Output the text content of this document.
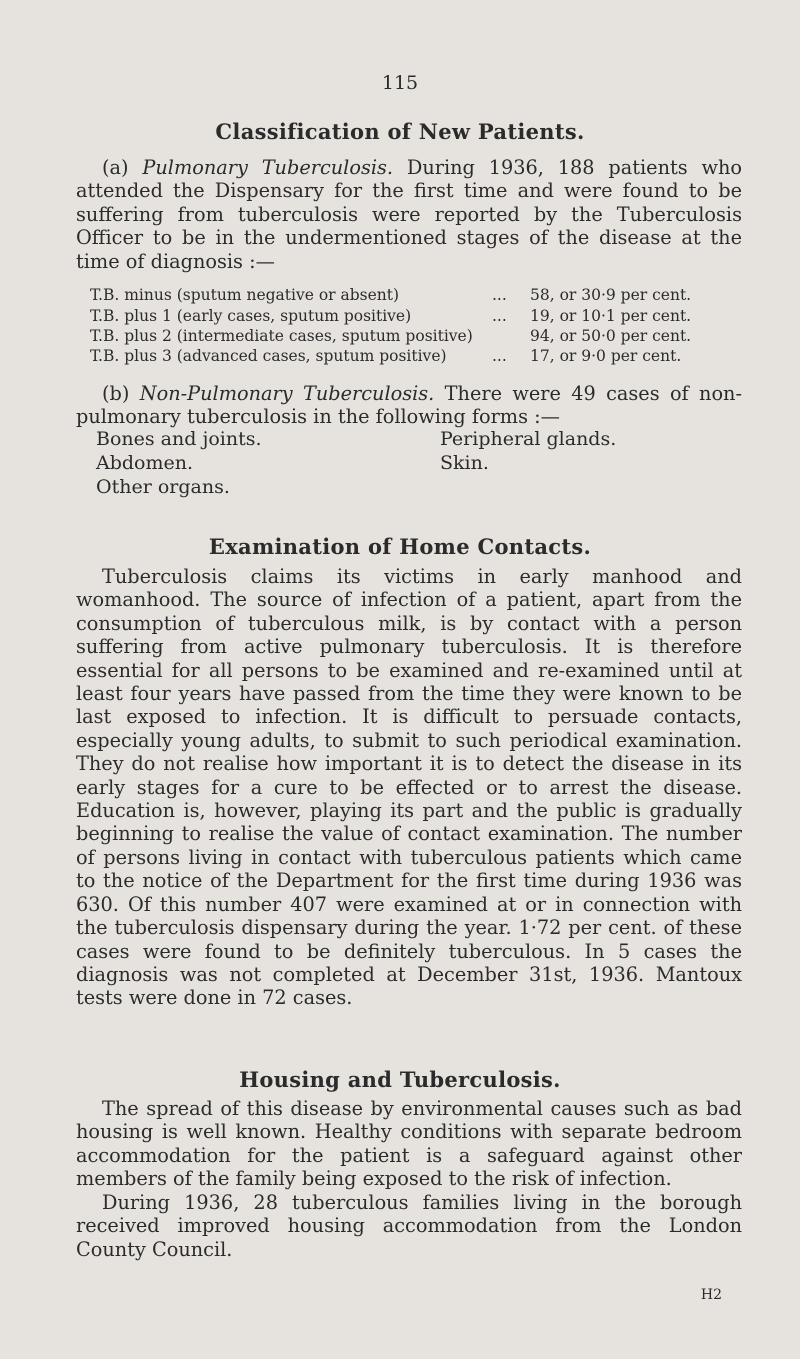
115
Classification of New Patients.

(a) Pulmonary Tuberculosis. During 1936, 188 patients who attended the Dispensary for the first time and were found to be suffering from tuberculosis were reported by the Tuberculosis Officer to be in the undermentioned stages of the disease at the time of diagnosis :—

T.B. minus (sputum negative or absent)	... 58, or 30·9 per cent.
T.B. plus 1 (early cases, sputum positive)	... 19, or 10·1 per cent.
T.B. plus 2 (intermediate cases, sputum positive)	94, or 50·0 per cent.
T.B. plus 3 (advanced cases, sputum positive)	... 17, or 9·0 per cent.

(b) Non-Pulmonary Tuberculosis. There were 49 cases of non-pulmonary tuberculosis in the following forms :—

Bones and joints.	Peripheral glands.
Abdomen.	Skin.
Other organs.
Examination of Home Contacts.

Tuberculosis claims its victims in early manhood and womanhood. The source of infection of a patient, apart from the consumption of tuberculous milk, is by contact with a person suffering from active pulmonary tuberculosis. It is therefore essential for all persons to be examined and re-examined until at least four years have passed from the time they were known to be last exposed to infection. It is difficult to persuade contacts, especially young adults, to submit to such periodical examination. They do not realise how important it is to detect the disease in its early stages for a cure to be effected or to arrest the disease. Education is, however, playing its part and the public is gradually beginning to realise the value of contact examination. The number of persons living in contact with tuberculous patients which came to the notice of the Department for the first time during 1936 was 630. Of this number 407 were examined at or in connection with the tuberculosis dispensary during the year. 1·72 per cent. of these cases were found to be definitely tuberculous. In 5 cases the diagnosis was not completed at December 31st, 1936. Mantoux tests were done in 72 cases.

Housing and Tuberculosis.

The spread of this disease by environmental causes such as bad housing is well known. Healthy conditions with separate bedroom accommodation for the patient is a safeguard against other members of the family being exposed to the risk of infection.

During 1936, 28 tuberculous families living in the borough received improved housing accommodation from the London County Council.

H2
